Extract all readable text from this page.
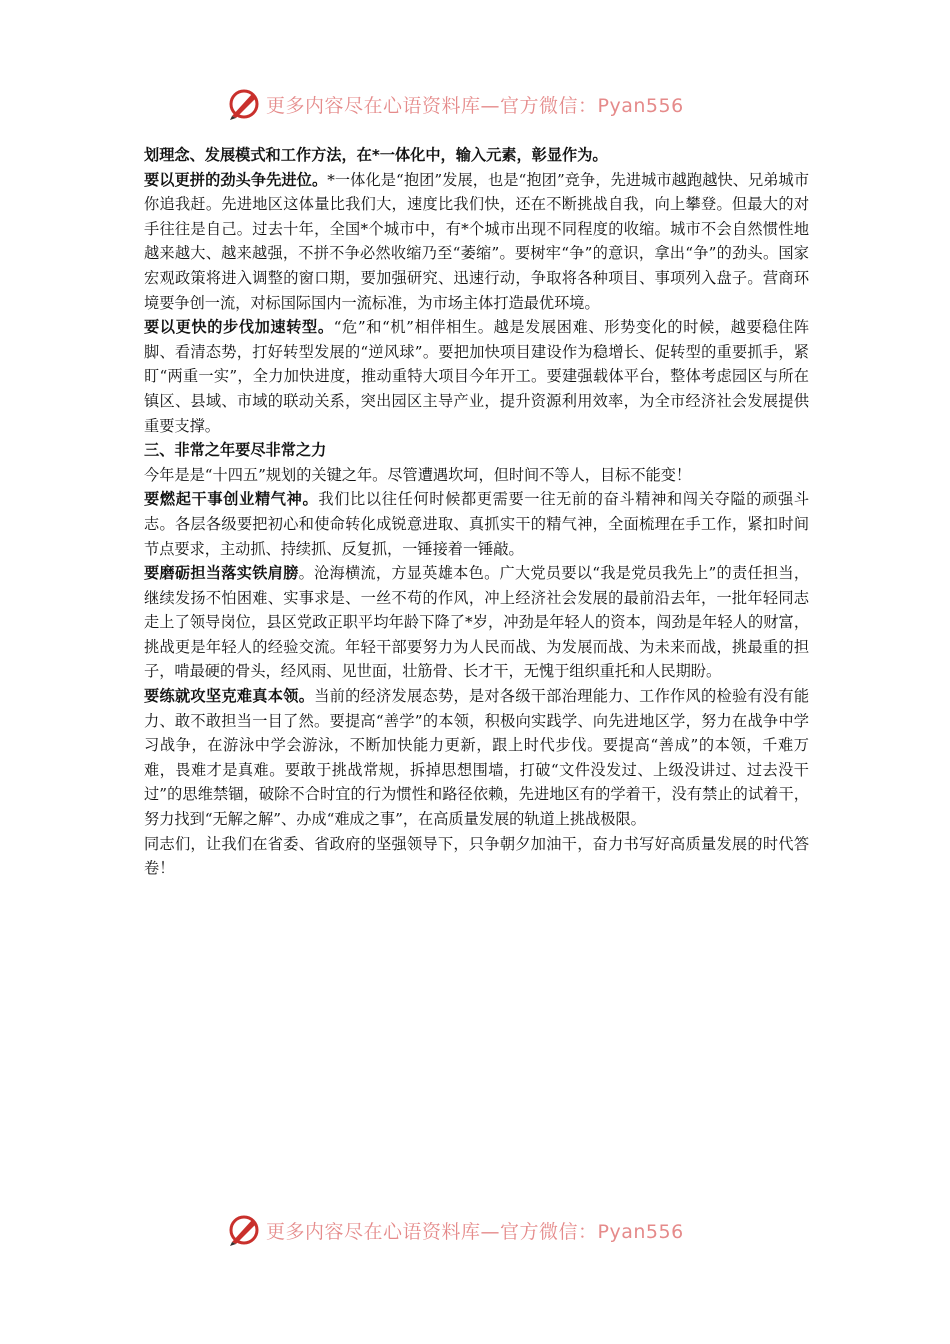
更多内容尽在心语资料库—官方微信：Pyan556

划理念、发展模式和工作方法，在*一体化中，输入元素，彰显作为。

要以更拼的劲头争先进位。*一体化是“抱团”发展，也是“抱团”竞争，先进城市越跑越快、兄弟城市你追我赶。先进地区这体量比我们大，速度比我们快，还在不断挑战自我，向上攀登。但最大的对手往往是自己。过去十年，全国*个城市中，有*个城市出现不同程度的收缩。城市不会自然惯性地越来越大、越来越强，不拼不争必然收缩乃至“萎缩”。要树牢“争”的意识，拿出“争”的劲头。国家宏观政策将进入调整的窗口期，要加强研究、迅速行动，争取将各种项目、事项列入盘子。营商环境要争创一流，对标国际国内一流标准，为市场主体打造最优环境。

要以更快的步伐加速转型。“危”和“机”相伴相生。越是发展困难、形势变化的时候，越要稳住阵脚、看清态势，打好转型发展的“逆风球”。要把加快项目建设作为稳增长、促转型的重要抓手，紧盯“两重一实”，全力加快进度，推动重特大项目今年开工。要建强载体平台，整体考虑园区与所在镇区、县域、市域的联动关系，突出园区主导产业，提升资源利用效率，为全市经济社会发展提供重要支撑。

三、非常之年要尽非常之力

今年是是“十四五”规划的关键之年。尽管遭遇坎坷，但时间不等人，目标不能变！

要燃起干事创业精气神。我们比以往任何时候都更需要一往无前的奋斗精神和闯关夺隘的顽强斗志。各层各级要把初心和使命转化成锐意进取、真抓实干的精气神，全面梳理在手工作，紧扣时间节点要求，主动抓、持续抓、反复抓，一锤接着一锤敲。

要磨砺担当落实铁肩膀。沧海横流，方显英雄本色。广大党员要以“我是党员我先上”的责任担当，继续发扬不怕困难、实事求是、一丝不苟的作风，冲上经济社会发展的最前沿去年，一批年轻同志走上了领导岗位，县区党政正职平均年龄下降了*岁，冲劲是年轻人的资本，闯劲是年轻人的财富，挑战更是年轻人的经验交流。年轻干部要努力为人民而战、为发展而战、为未来而战，挑最重的担子，啃最硬的骨头，经风雨、见世面，壮筋骨、长才干，无愧于组织重托和人民期盼。

要练就攻坚克难真本领。当前的经济发展态势，是对各级干部治理能力、工作作风的检验有没有能力、敢不敢担当一目了然。要提高“善学”的本领，积极向实践学、向先进地区学，努力在战争中学习战争，在游泳中学会游泳，不断加快能力更新，跟上时代步伐。要提高“善成”的本领，千难万难，畏难才是真难。要敢于挑战常规，拆掉思想围墙，打破“文件没发过、上级没讲过、过去没干过”的思维禁锢，破除不合时宜的行为惯性和路径依赖，先进地区有的学着干，没有禁止的试着干，努力找到“无解之解”、办成“难成之事”，在高质量发展的轨道上挑战极限。

同志们，让我们在省委、省政府的坚强领导下，只争朝夕加油干，奋力书写好高质量发展的时代答卷！

更多内容尽在心语资料库—官方微信：Pyan556
